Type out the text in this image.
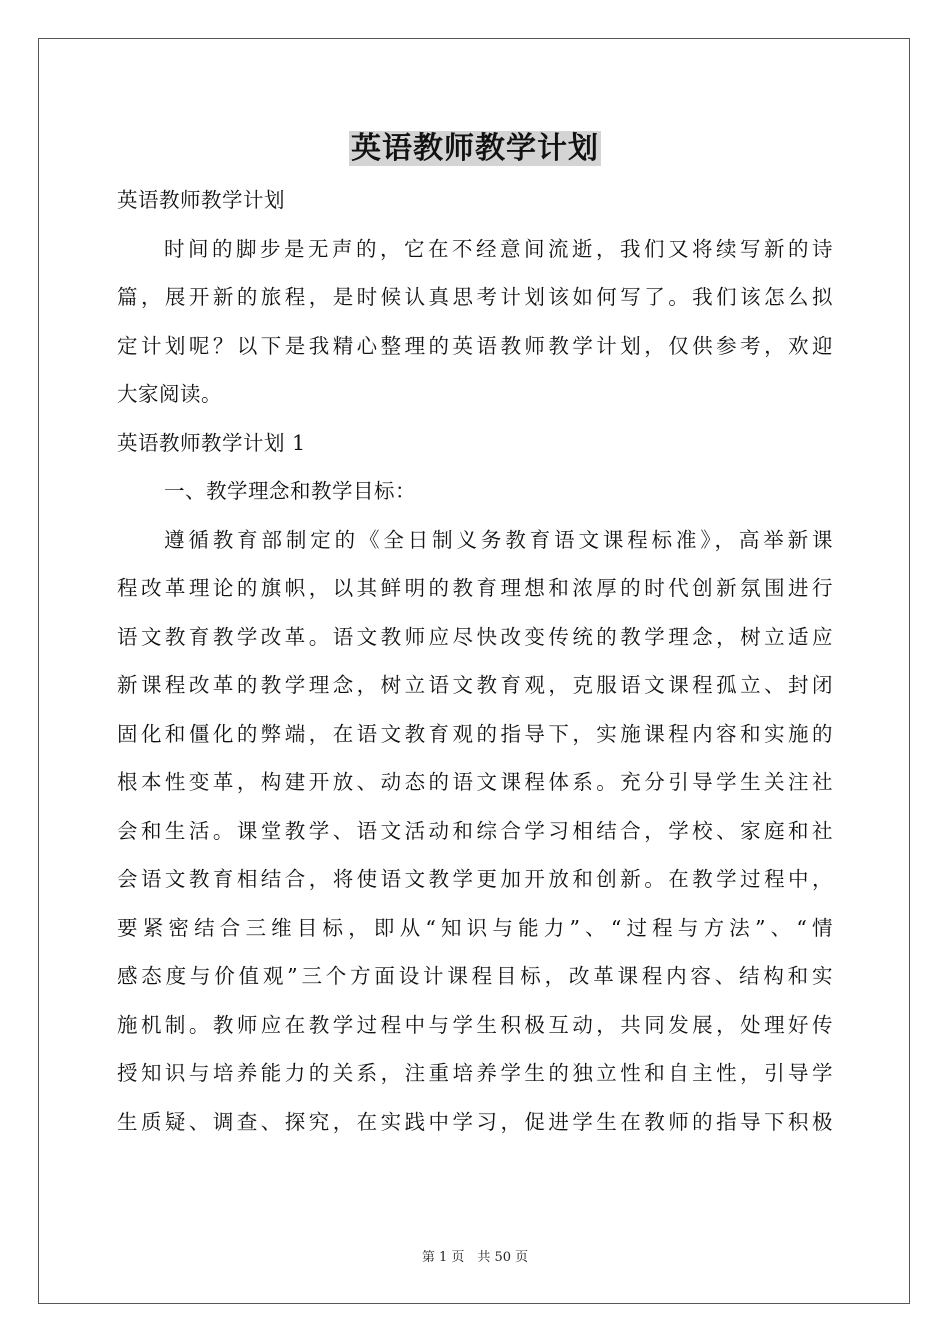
英语教师教学计划
英语教师教学计划
时间的脚步是无声的，它在不经意间流逝，我们又将续写新的诗
篇，展开新的旅程，是时候认真思考计划该如何写了。我们该怎么拟
定计划呢？以下是我精心整理的英语教师教学计划，仅供参考，欢迎
大家阅读。
英语教师教学计划 1
一、教学理念和教学目标：
遵循教育部制定的《全日制义务教育语文课程标准》，高举新课
程改革理论的旗帜，以其鲜明的教育理想和浓厚的时代创新氛围进行
语文教育教学改革。语文教师应尽快改变传统的教学理念，树立适应
新课程改革的教学理念，树立语文教育观，克服语文课程孤立、封闭
固化和僵化的弊端，在语文教育观的指导下，实施课程内容和实施的
根本性变革，构建开放、动态的语文课程体系。充分引导学生关注社
会和生活。课堂教学、语文活动和综合学习相结合，学校、家庭和社
会语文教育相结合，将使语文教学更加开放和创新。在教学过程中，
要紧密结合三维目标，即从“知识与能力”、“过程与方法”、“情
感态度与价值观”三个方面设计课程目标，改革课程内容、结构和实
施机制。教师应在教学过程中与学生积极互动，共同发展，处理好传
授知识与培养能力的关系，注重培养学生的独立性和自主性，引导学
生质疑、调查、探究，在实践中学习，促进学生在教师的指导下积极
第 1 页　共 50 页
